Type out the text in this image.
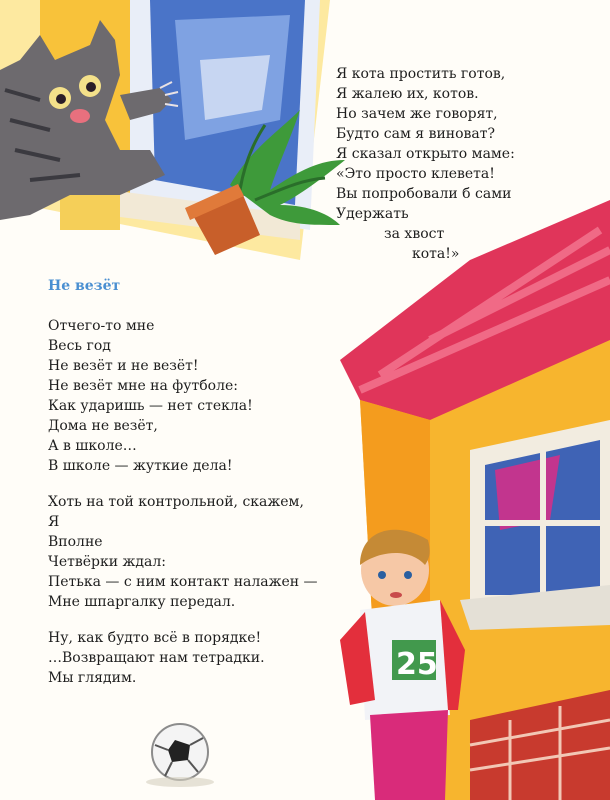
25
Я кота простить готов,
Я жалею их, котов.
Но зачем же говорят,
Будто сам я виноват?
Я сказал открыто маме:
«Это просто клевета!
Вы попробовали б сами
Удержать
за хвост
кота!»
Не везёт
Отчего-то мне
Весь год
Не везёт и не везёт!
Не везёт мне на футболе:
Как ударишь — нет стекла!
Дома не везёт,
А в школе…
В школе — жуткие дела!
Хоть на той контрольной, скажем,
Я
Вполне
Четвёрки ждал:
Петька — с ним контакт налажен —
Мне шпаргалку передал.
Ну, как будто всё в порядке!
…Возвращают нам тетрадки.
Мы глядим.
